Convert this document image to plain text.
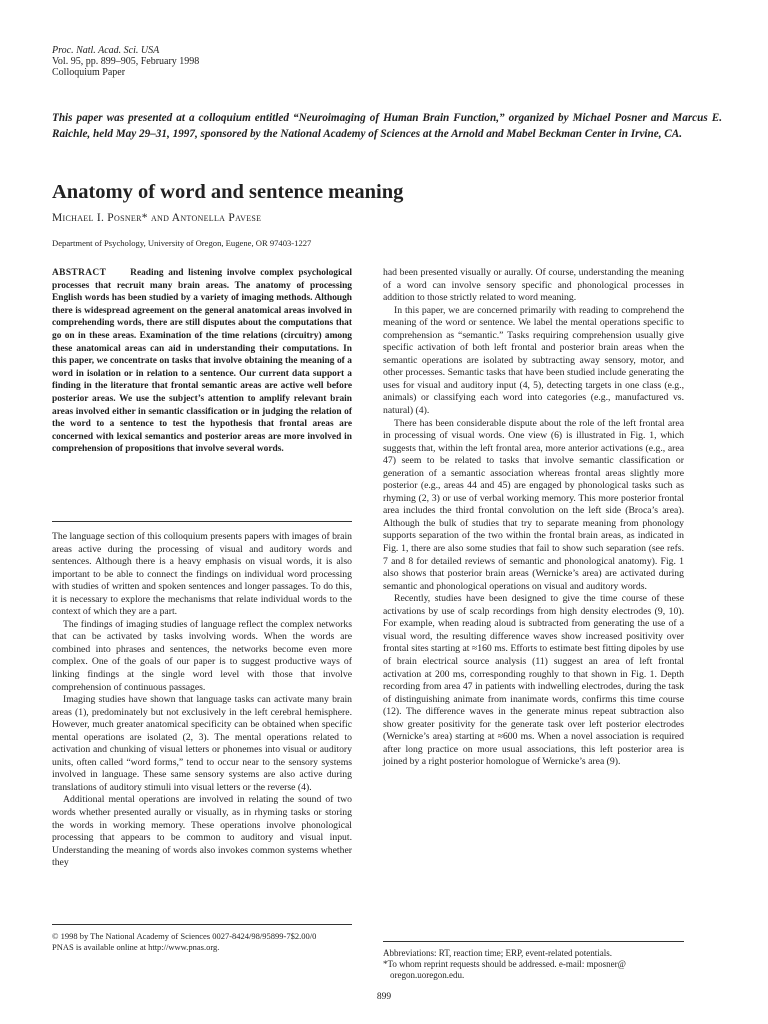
Proc. Natl. Acad. Sci. USA
Vol. 95, pp. 899–905, February 1998
Colloquium Paper
This paper was presented at a colloquium entitled “Neuroimaging of Human Brain Function,” organized by Michael Posner and Marcus E. Raichle, held May 29–31, 1997, sponsored by the National Academy of Sciences at the Arnold and Mabel Beckman Center in Irvine, CA.
Anatomy of word and sentence meaning
Michael I. Posner* and Antonella Pavese
Department of Psychology, University of Oregon, Eugene, OR 97403-1227

ABSTRACT	Reading and listening involve complex psychological processes that recruit many brain areas. The anatomy of processing English words has been studied by a variety of imaging methods. Although there is widespread agreement on the general anatomical areas involved in comprehending words, there are still disputes about the computations that go on in these areas. Examination of the time relations (circuitry) among these anatomical areas can aid in understanding their computations. In this paper, we concentrate on tasks that involve obtaining the meaning of a word in isolation or in relation to a sentence. Our current data support a finding in the literature that frontal semantic areas are active well before posterior areas. We use the subject’s attention to amplify relevant brain areas involved either in semantic classification or in judging the relation of the word to a sentence to test the hypothesis that frontal areas are concerned with lexical semantics and posterior areas are more involved in comprehension of propositions that involve several words.

The language section of this colloquium presents papers with images of brain areas active during the processing of visual and auditory words and sentences. Although there is a heavy emphasis on visual words, it is also important to be able to connect the findings on individual word processing with studies of written and spoken sentences and longer passages. To do this, it is necessary to explore the mechanisms that relate individual words to the context of which they are a part.

The findings of imaging studies of language reflect the complex networks that can be activated by tasks involving words. When the words are combined into phrases and sentences, the networks become even more complex. One of the goals of our paper is to suggest productive ways of linking findings at the single word level with those that involve comprehension of continuous passages.

Imaging studies have shown that language tasks can activate many brain areas (1), predominately but not exclusively in the left cerebral hemisphere. However, much greater anatomical specificity can be obtained when specific mental operations are isolated (2, 3). The mental operations related to activation and chunking of visual letters or phonemes into visual or auditory units, often called “word forms,” tend to occur near to the sensory systems involved in language. These same sensory systems are also active during translations of auditory stimuli into visual letters or the reverse (4).

Additional mental operations are involved in relating the sound of two words whether presented aurally or visually, as in rhyming tasks or storing the words in working memory. These operations involve phonological processing that appears to be common to auditory and visual input. Understanding the meaning of words also invokes common systems whether they

had been presented visually or aurally. Of course, understanding the meaning of a word can involve sensory specific and phonological processes in addition to those strictly related to word meaning.

In this paper, we are concerned primarily with reading to comprehend the meaning of the word or sentence. We label the mental operations specific to comprehension as “semantic.” Tasks requiring comprehension usually give specific activation of both left frontal and posterior brain areas when the semantic operations are isolated by subtracting away sensory, motor, and other processes. Semantic tasks that have been studied include generating the uses for visual and auditory input (4, 5), detecting targets in one class (e.g., animals) or classifying each word into categories (e.g., manufactured vs. natural) (4).

There has been considerable dispute about the role of the left frontal area in processing of visual words. One view (6) is illustrated in Fig. 1, which suggests that, within the left frontal area, more anterior activations (e.g., area 47) seem to be related to tasks that involve semantic classification or generation of a semantic association whereas frontal areas slightly more posterior (e.g., areas 44 and 45) are engaged by phonological tasks such as rhyming (2, 3) or use of verbal working memory. This more posterior frontal area includes the third frontal convolution on the left side (Broca’s area). Although the bulk of studies that try to separate meaning from phonology supports separation of the two within the frontal brain areas, as indicated in Fig. 1, there are also some studies that fail to show such separation (see refs. 7 and 8 for detailed reviews of semantic and phonological anatomy). Fig. 1 also shows that posterior brain areas (Wernicke’s area) are activated during semantic and phonological operations on visual and auditory words.

Recently, studies have been designed to give the time course of these activations by use of scalp recordings from high density electrodes (9, 10). For example, when reading aloud is subtracted from generating the use of a visual word, the resulting difference waves show increased positivity over frontal sites starting at ≈160 ms. Efforts to estimate best fitting dipoles by use of brain electrical source analysis (11) suggest an area of left frontal activation at 200 ms, corresponding roughly to that shown in Fig. 1. Depth recording from area 47 in patients with indwelling electrodes, during the task of distinguishing animate from inanimate words, confirms this time course (12). The difference waves in the generate minus repeat subtraction also show greater positivity for the generate task over left posterior electrodes (Wernicke’s area) starting at ≈600 ms. When a novel association is required after long practice on more usual associations, this left posterior area is joined by a right posterior homologue of Wernicke’s area (9).

© 1998 by The National Academy of Sciences 0027-8424/98/95899-7$2.00/0
PNAS is available online at http://www.pnas.org.
Abbreviations: RT, reaction time; ERP, event-related potentials.
*To whom reprint requests should be addressed. e-mail: mposner@
oregon.uoregon.edu.
899
